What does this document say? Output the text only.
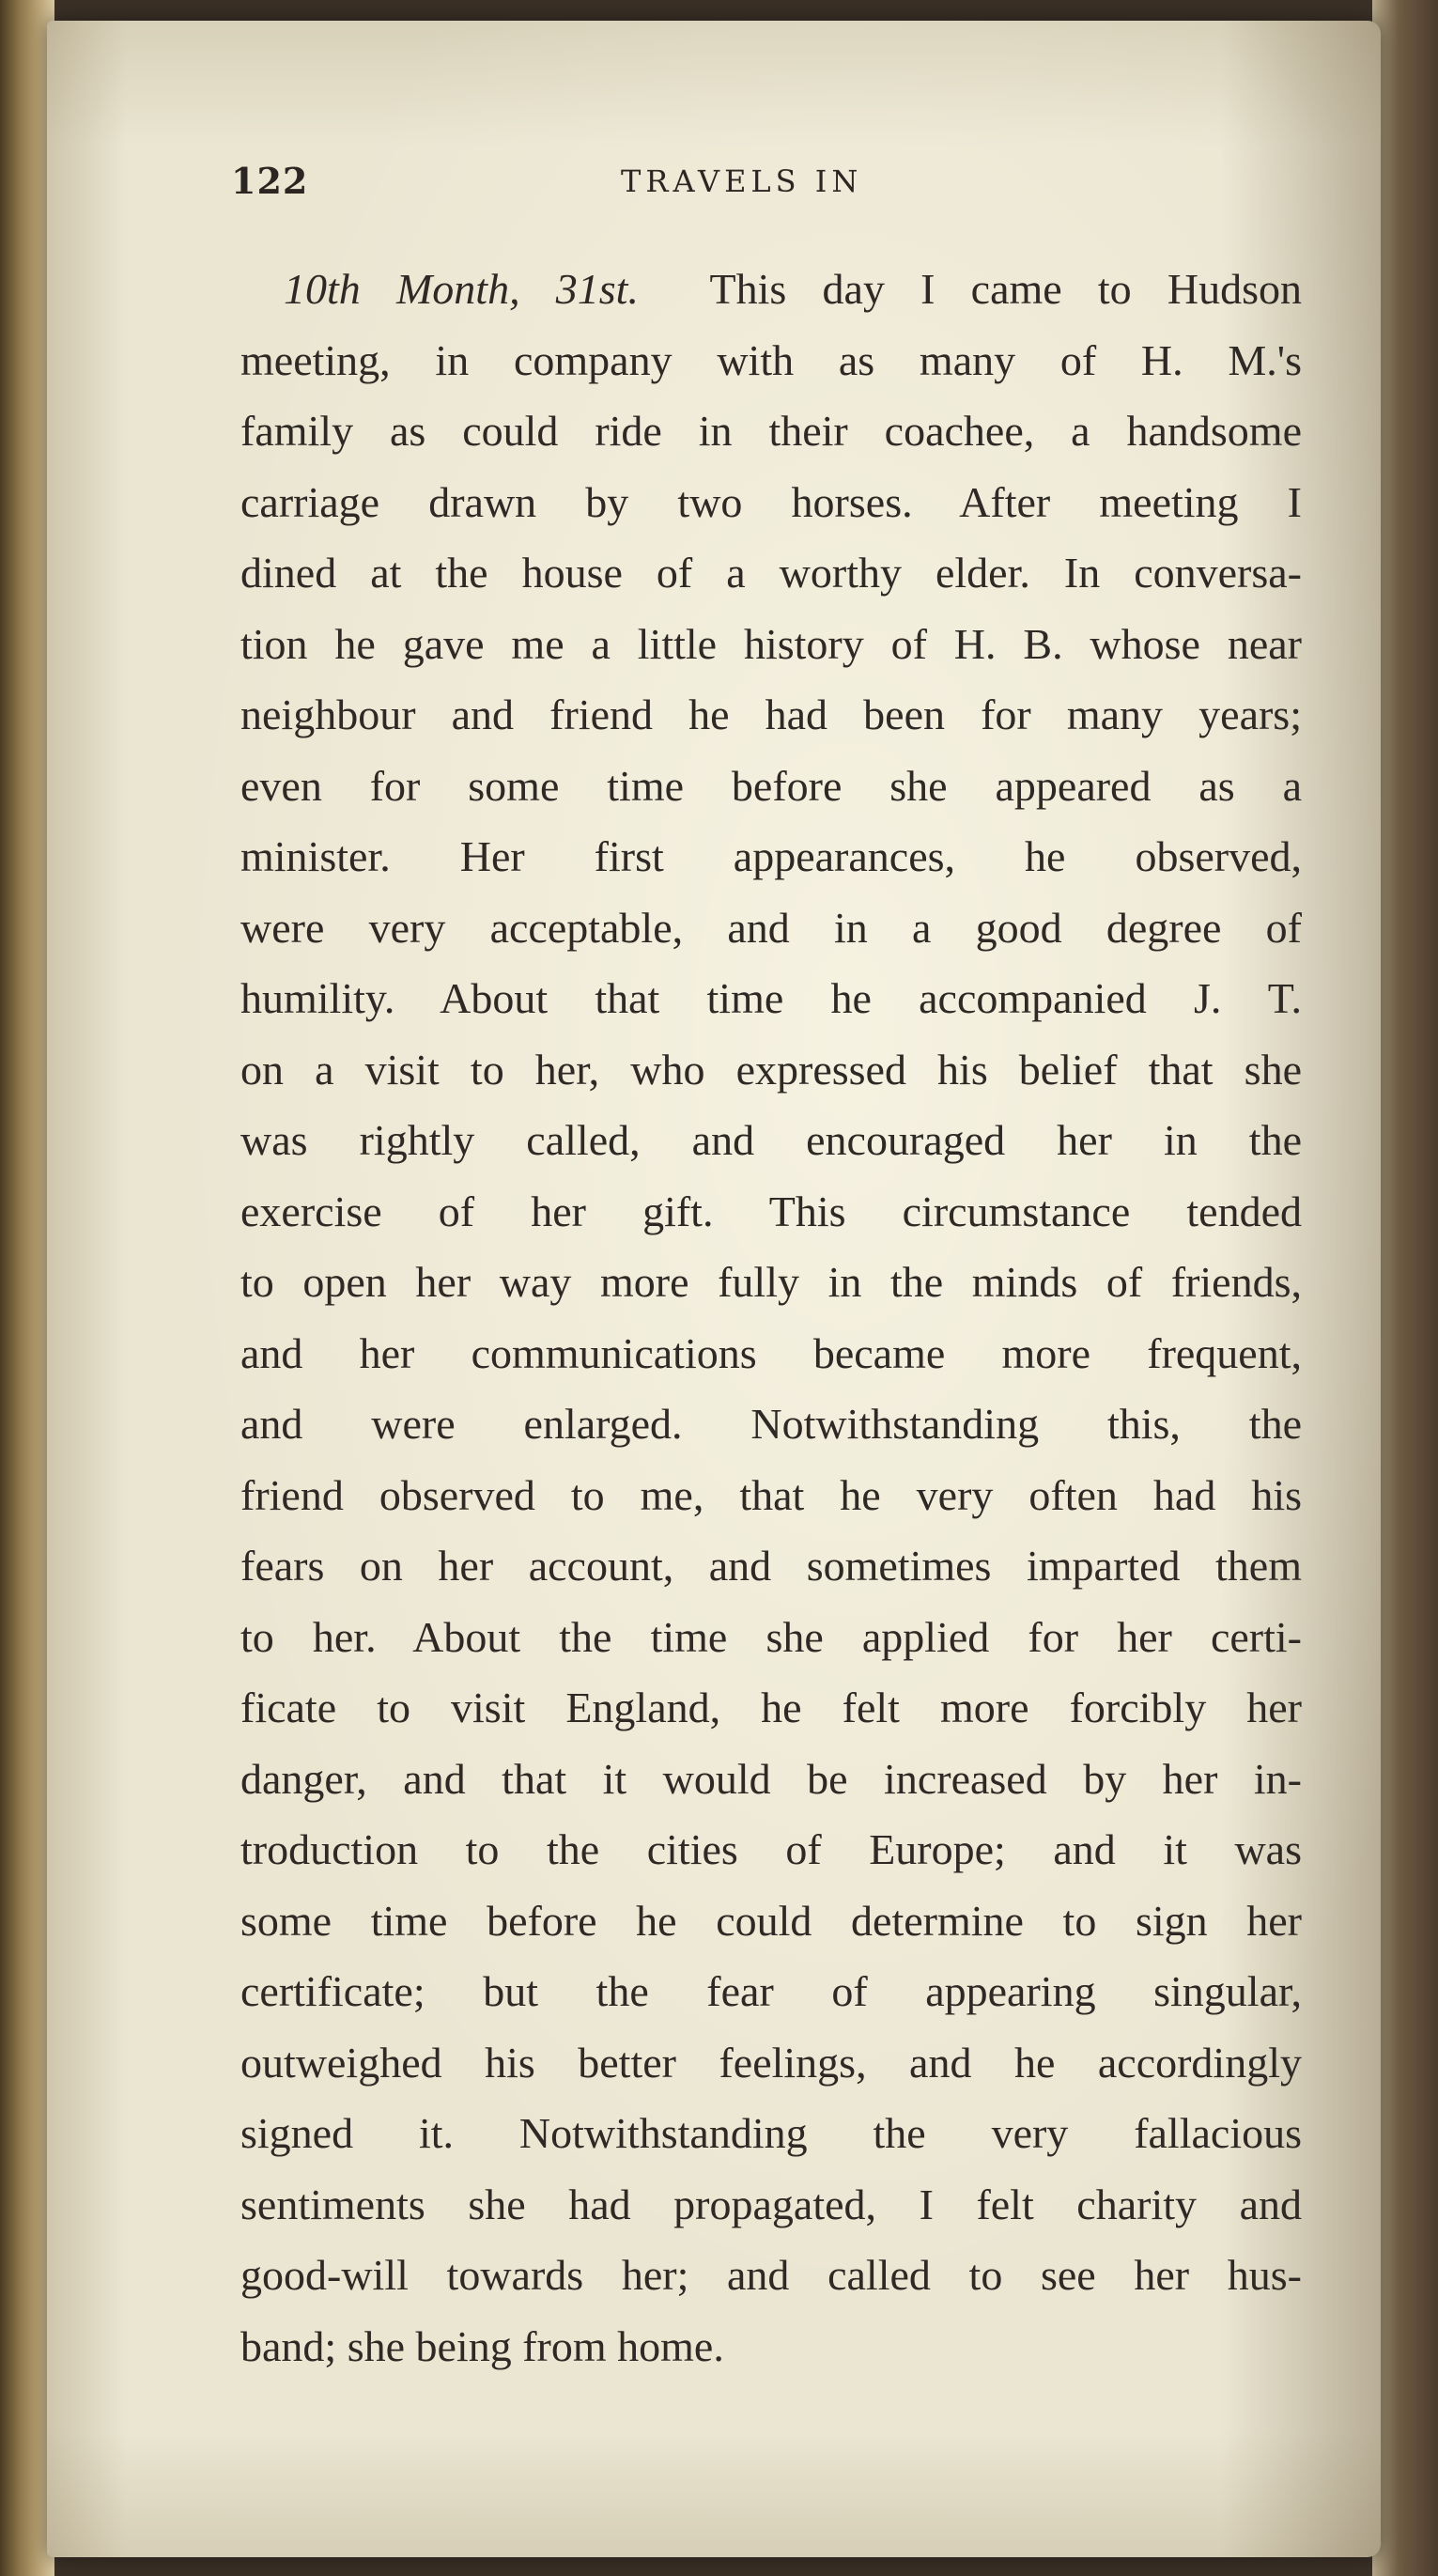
122	TRAVELS IN
10th Month, 31st. This day I came to Hudson
meeting, in company with as many of H. M.'s
family as could ride in their coachee, a handsome
carriage drawn by two horses. After meeting I
dined at the house of a worthy elder. In conversa-
tion he gave me a little history of H. B. whose near
neighbour and friend he had been for many years;
even for some time before she appeared as a
minister. Her first appearances, he observed,
were very acceptable, and in a good degree of
humility. About that time he accompanied J. T.
on a visit to her, who expressed his belief that she
was rightly called, and encouraged her in the
exercise of her gift. This circumstance tended
to open her way more fully in the minds of friends,
and her communications became more frequent,
and were enlarged. Notwithstanding this, the
friend observed to me, that he very often had his
fears on her account, and sometimes imparted them
to her. About the time she applied for her certi-
ficate to visit England, he felt more forcibly her
danger, and that it would be increased by her in-
troduction to the cities of Europe; and it was
some time before he could determine to sign her
certificate; but the fear of appearing singular,
outweighed his better feelings, and he accordingly
signed it. Notwithstanding the very fallacious
sentiments she had propagated, I felt charity and
good-will towards her; and called to see her hus-
band; she being from home.
